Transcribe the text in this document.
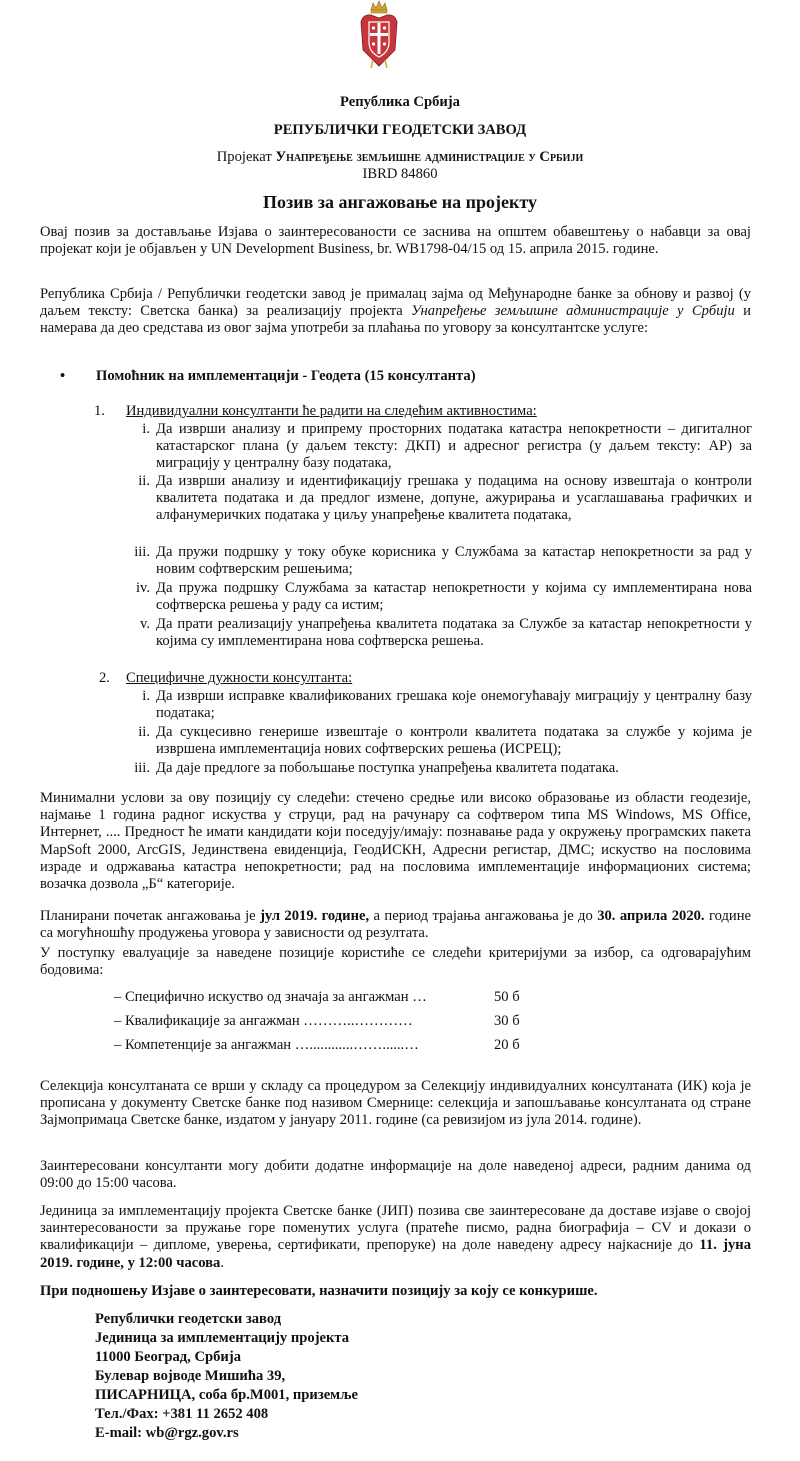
Република Србија
РЕПУБЛИЧКИ ГЕОДЕТСКИ ЗАВОД
Пројекат Унапређење земљишне администрације у Србији
IBRD 84860
Позив за ангажовање на пројекту
Овај позив за достављање Изјава о заинтересованости се заснива на општем обавештењу о набавци за овај пројекат који је објављен у UN Development Business, br. WB1798-04/15 од 15. априла 2015. године.
Република Србија / Републички геодетски завод је прималац зајма од Међународне банке за обнову и развој (у даљем тексту: Светска банка) за реализацију пројекта Унапређење земљишне администрације у Србији и намерава да део средстава из овог зајма употреби за плаћања по уговору за консултантске услуге:
• Помоћник на имплементацији - Геодета (15 консултанта)
1. Индивидуални консултанти ће радити на следећим активностима:
i. Да изврши анализу и припрему просторних података катастра непокретности – дигиталног катастарског плана (у даљем тексту: ДКП) и адресног регистра (у даљем тексту: АР) за миграцију у централну базу података,
ii. Да изврши анализу и идентификацију грешака у подацима на основу извештаја о контроли квалитета података и да предлог измене, допуне, ажурирања и усаглашавања графичких и алфанумеричких података у циљу унапређење квалитета података,
iii. Да пружи подршку у току обуке корисника у Службама за катастар непокретности за рад у новим софтверским решењима;
iv. Да пружа подршку Службама за катастар непокретности у којима су имплементирана нова софтверска решења у раду са истим;
v. Да прати реализацију унапређења квалитета података за Службе за катастар непокретности у којима су имплементирана нова софтверска решења.
2. Специфичне дужности консултанта:
i. Да изврши исправке квалификованих грешака које онемогућавају миграцију у централну базу података;
ii. Да сукцесивно генерише извештаје о контроли квалитета података за службе у којима је извршена имплементација нових софтверских решења (ИСРЕЦ);
iii. Да даје предлоге за побољшање поступка унапређења квалитета података.
Минимални услови за ову позицију су следећи: стечено средње или високо образовање из области геодезије, најмање 1 година радног искуства у струци, рад на рачунару са софтвером типа MS Windows, MS Office, Интернет, .... Предност ће имати кандидати који поседују/имају: познавање рада у окружењу програмских пакета MapSoft 2000, ArcGIS, Јединствена евиденција, ГеодИСКН, Адресни регистар, ДМС; искуство на пословима израде и одржавања катастра непокретности; рад на пословима имплементације информационих система; возачка дозвола „Б“ категорије.
Планирани почетак ангажовања је јул 2019. године, а период трајања ангажовања је до 30. априла 2020. године са могућношћу продужења уговора у зависности од резултата.
У поступку евалуације за наведене позиције користиће се следећи критеријуми за избор, са одговарајућим бодовима:
– Специфично искуство од значаја за ангажман …	50 б
– Квалификације за ангажман ………..…………	30 б
– Компетенције за ангажман …............……......…	20 б
Селекција консултаната се врши у складу са процедуром за Селекцију индивидуалних консултаната (ИК) која је прописана у документу Светске банке под називом Смернице: селекција и запошљавање консултаната од стране Зајмопримаца Светске банке, издатом у јануару 2011. године (са ревизијом из јула 2014. године).
Заинтересовани консултанти могу добити додатне информације на доле наведеној адреси, радним данима од 09:00 до 15:00 часова.
Јединица за имплементацију пројекта Светске банке (ЈИП) позива све заинтересоване да доставе изјаве о својој заинтересованости за пружање горе поменутих услуга (пратеће писмо, радна биографија – CV и докази о квалификацији – дипломе, уверења, сертификати, препоруке) на доле наведену адресу најкасније до 11. јуна 2019. године, у 12:00 часова.
При подношењу Изјаве о заинтересовати, назначити позицију за коју се конкурише.
Републички геодетски завод
Јединица за имплементацију пројекта
11000 Београд, Србија
Булевар војводе Мишића 39,
ПИСАРНИЦА, соба бр.М001, приземље
Тел./Фах: +381 11 2652 408
E-mail: wb@rgz.gov.rs
